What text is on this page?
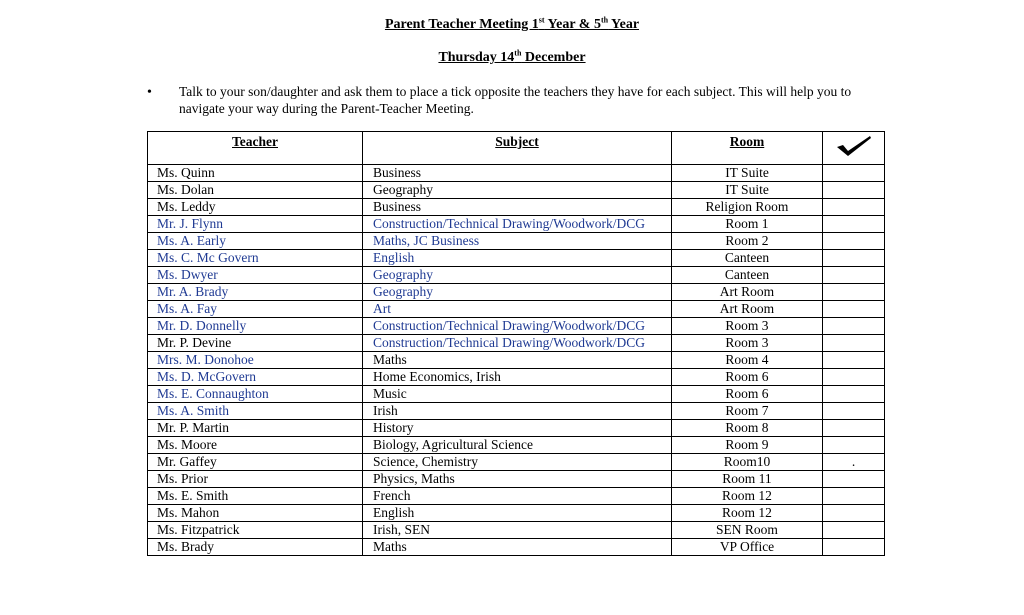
Parent Teacher Meeting 1st Year & 5th Year
Thursday 14th December
• Talk to your son/daughter and ask them to place a tick opposite the teachers they have for each subject. This will help you to navigate your way during the Parent-Teacher Meeting.
Teacher	Subject	Room	
Ms. Quinn	Business	IT Suite	
Ms. Dolan	Geography	IT Suite	
Ms. Leddy	Business	Religion Room	
Mr. J. Flynn	Construction/Technical Drawing/Woodwork/DCG	Room 1	
Ms. A. Early	Maths, JC Business	Room 2	
Ms. C. Mc Govern	English	Canteen	
Ms. Dwyer	Geography	Canteen	
Mr. A. Brady	Geography	Art Room	
Ms. A. Fay	Art	Art Room	
Mr. D. Donnelly	Construction/Technical Drawing/Woodwork/DCG	Room 3	
Mr. P. Devine	Construction/Technical Drawing/Woodwork/DCG	Room 3	
Mrs. M. Donohoe	Maths	Room 4	
Ms. D. McGovern	Home Economics, Irish	Room 6	
Ms. E. Connaughton	Music	Room 6	
Ms. A. Smith	Irish	Room 7	
Mr. P. Martin	History	Room 8	
Ms. Moore	Biology, Agricultural Science	Room 9	
Mr. Gaffey	Science, Chemistry	Room10	.
Ms. Prior	Physics, Maths	Room 11	
Ms. E. Smith	French	Room 12	
Ms. Mahon	English	Room 12	
Ms. Fitzpatrick	Irish, SEN	SEN Room	
Ms. Brady	Maths	VP Office	
